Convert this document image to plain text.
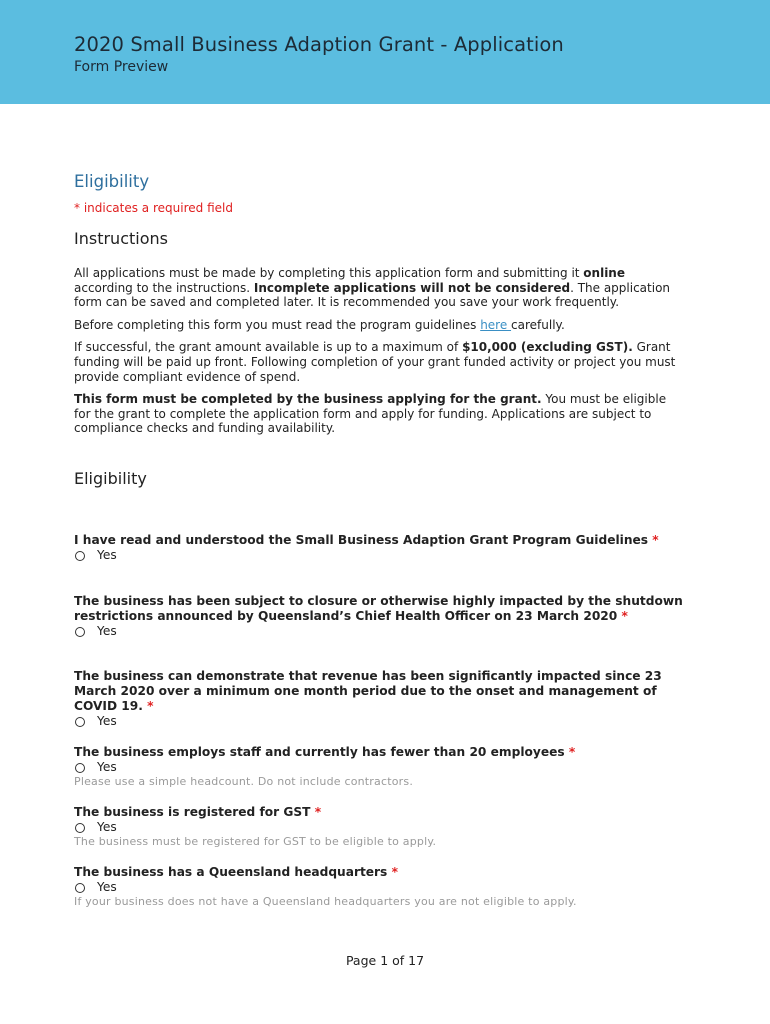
2020 Small Business Adaption Grant - Application
Form Preview
Eligibility
* indicates a required field
Instructions

All applications must be made by completing this application form and submitting it online according to the instructions. Incomplete applications will not be considered. The application form can be saved and completed later. It is recommended you save your work frequently.

Before completing this form you must read the program guidelines here carefully.

If successful, the grant amount available is up to a maximum of $10,000 (excluding GST). Grant funding will be paid up front. Following completion of your grant funded activity or project you must provide compliant evidence of spend.

This form must be completed by the business applying for the grant. You must be eligible for the grant to complete the application form and apply for funding. Applications are subject to compliance checks and funding availability.

Eligibility
I have read and understood the Small Business Adaption Grant Program Guidelines *
Yes
The business has been subject to closure or otherwise highly impacted by the shutdown restrictions announced by Queensland’s Chief Health Officer on 23 March 2020 *
Yes
The business can demonstrate that revenue has been significantly impacted since 23 March 2020 over a minimum one month period due to the onset and management of COVID 19. *
Yes
The business employs staff and currently has fewer than 20 employees *
Yes
Please use a simple headcount. Do not include contractors.
The business is registered for GST *
Yes
The business must be registered for GST to be eligible to apply.
The business has a Queensland headquarters *
Yes
If your business does not have a Queensland headquarters you are not eligible to apply.
Page 1 of 17
